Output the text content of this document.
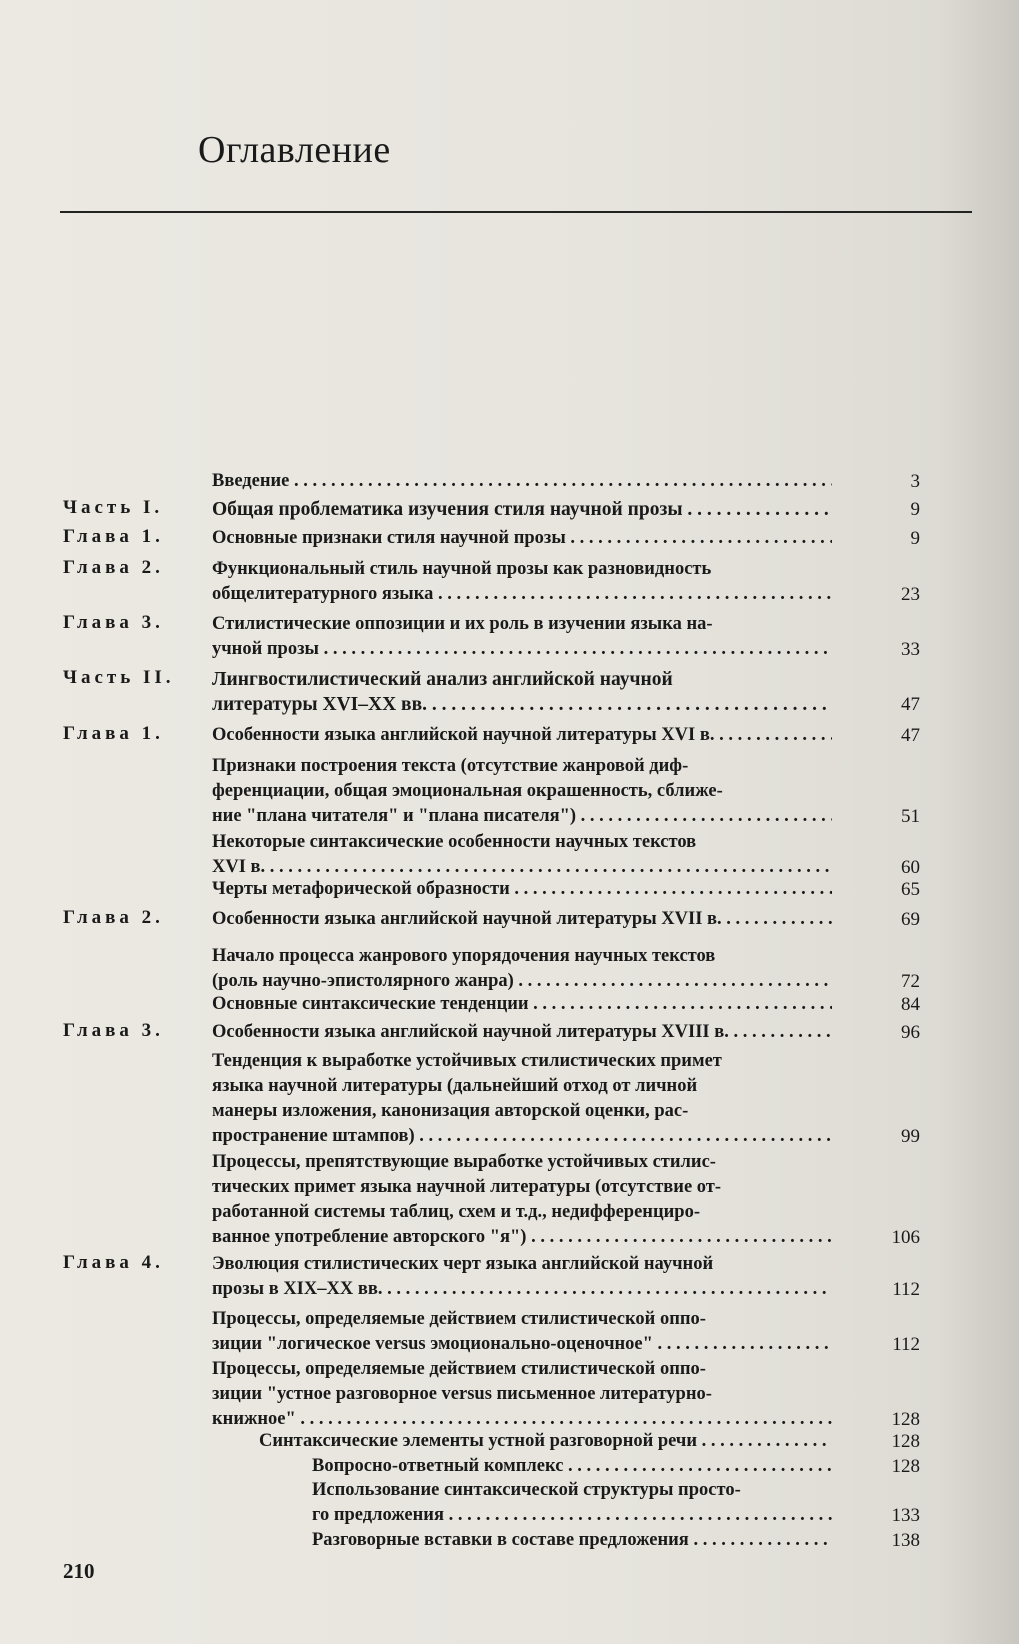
Оглавление
Введение . . .	3
Часть I.	Общая проблематика изучения стиля научной прозы . . .	9
Глава 1.	Основные признаки стиля научной прозы . . .	9
Глава 2.	Функциональный стиль научной прозы как разновидность
общелитературного языка . . .	23
Глава 3.	Стилистические оппозиции и их роль в изучении языка на-
учной прозы . . .	33
Часть II. Лингвостилистический анализ английской научной
литературы XVI–XX вв. . . .	47
Глава 1.	Особенности языка английской научной литературы XVI в. . . .	47
Признаки построения текста (отсутствие жанровой диф-
ференциации, общая эмоциональная окрашенность, сближе-
ние "плана читателя" и "плана писателя") . . .	51
Некоторые синтаксические особенности научных текстов
XVI в. . . .	60
Черты метафорической образности . . .	65
Глава 2.	Особенности языка английской научной литературы XVII в. . . .	69
Начало процесса жанрового упорядочения научных текстов
(роль научно-эпистолярного жанра) . . .	72
Основные синтаксические тенденции . . .	84
Глава 3.	Особенности языка английской научной литературы XVIII в. . . .	96
Тенденция к выработке устойчивых стилистических примет
языка научной литературы (дальнейший отход от личной
манеры изложения, канонизация авторской оценки, рас-
пространение штампов) . . .	99
Процессы, препятствующие выработке устойчивых стилис-
тических примет языка научной литературы (отсутствие от-
работанной системы таблиц, схем и т.д., недифференциро-
ванное употребление авторского "я") . . .	106
Глава 4.	Эволюция стилистических черт языка английской научной
прозы в XIX–XX вв. . . .	112
Процессы, определяемые действием стилистической оппо-
зиции "логическое versus эмоционально-оценочное" . . .	112
Процессы, определяемые действием стилистической оппо-
зиции "устное разговорное versus письменное литературно-
книжное" . . .	128
Синтаксические элементы устной разговорной речи . . .	128
Вопросно-ответный комплекс . . .	128
Использование синтаксической структуры просто-
го предложения . . .	133
Разговорные вставки в составе предложения . . .	138
210
